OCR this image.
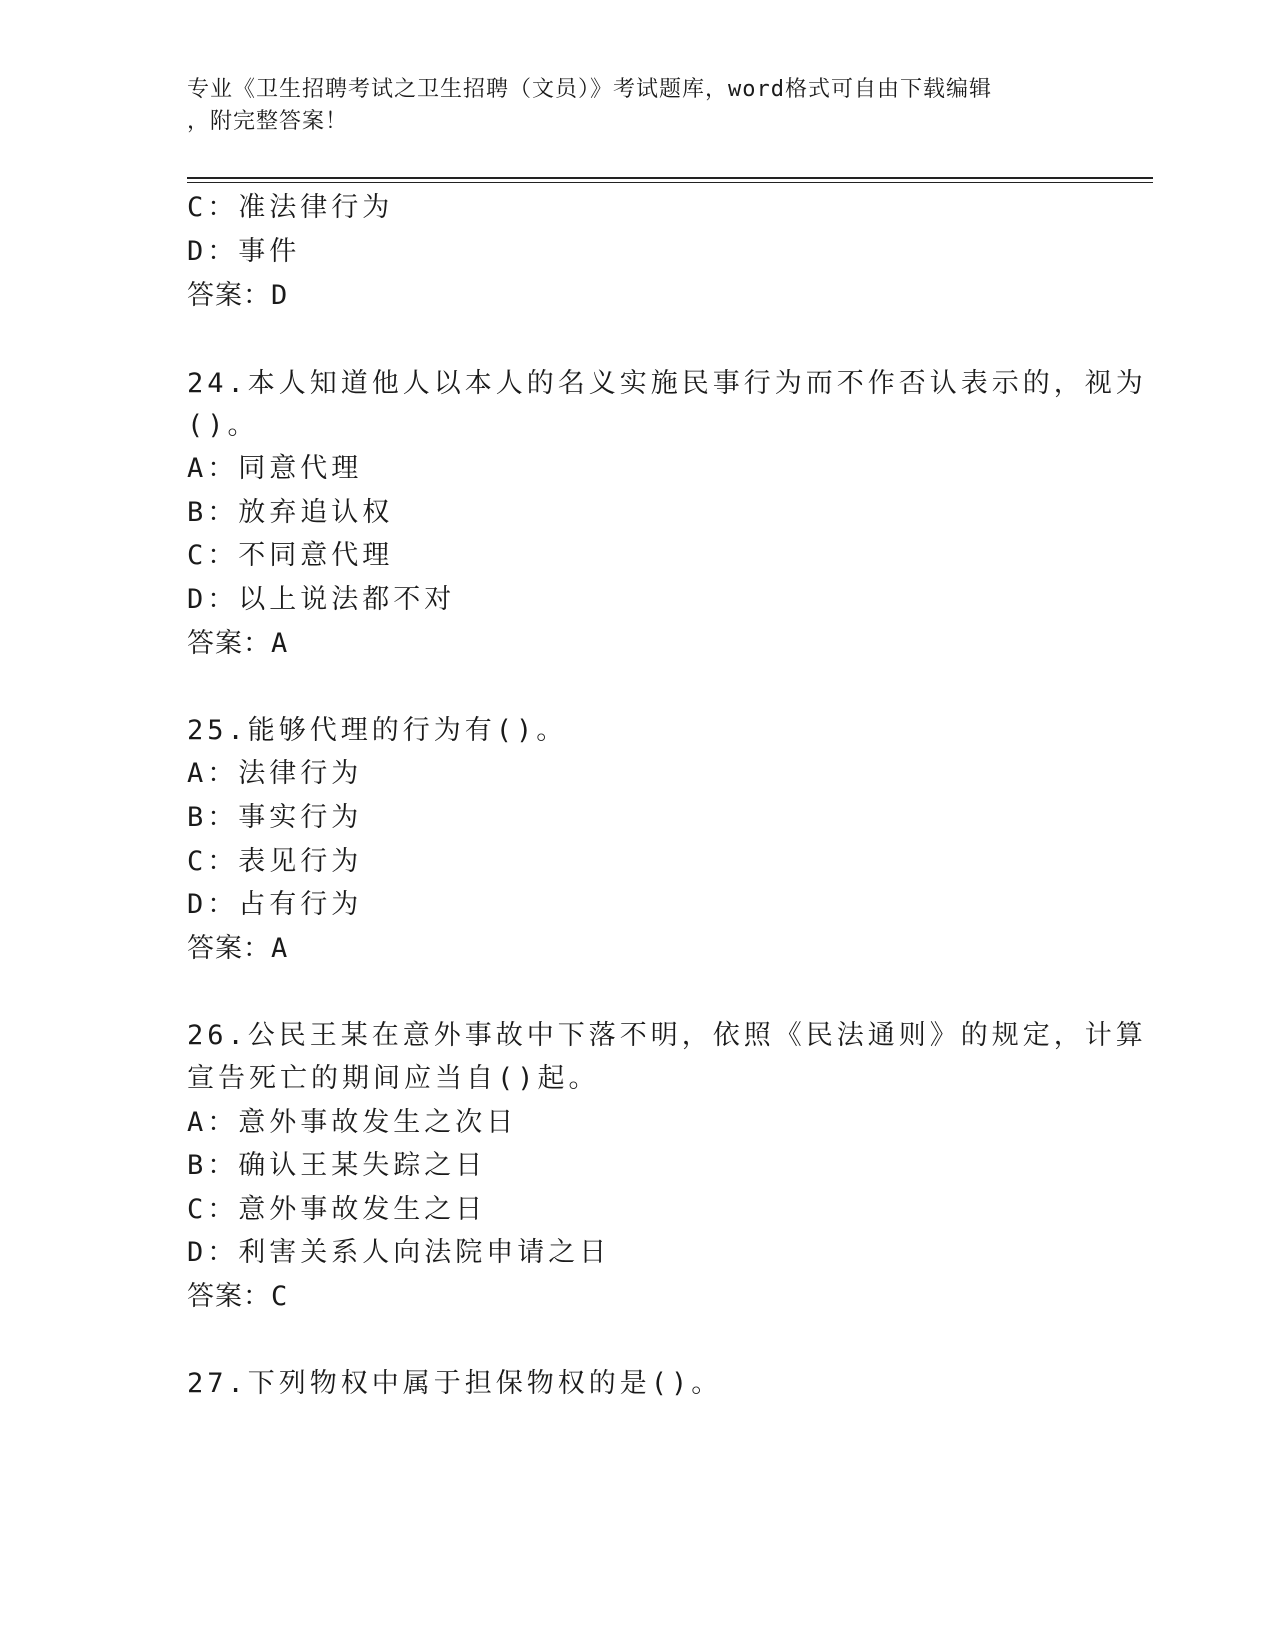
专业《卫生招聘考试之卫生招聘（文员）》考试题库，word格式可自由下载编辑
，附完整答案！
C：准法律行为
D：事件
答案：D
24.本人知道他人以本人的名义实施民事行为而不作否认表示的，视为
()。
A：同意代理
B：放弃追认权
C：不同意代理
D：以上说法都不对
答案：A
25.能够代理的行为有()。
A：法律行为
B：事实行为
C：表见行为
D：占有行为
答案：A
26.公民王某在意外事故中下落不明，依照《民法通则》的规定，计算
宣告死亡的期间应当自()起。
A：意外事故发生之次日
B：确认王某失踪之日
C：意外事故发生之日
D：利害关系人向法院申请之日
答案：C
27.下列物权中属于担保物权的是()。
